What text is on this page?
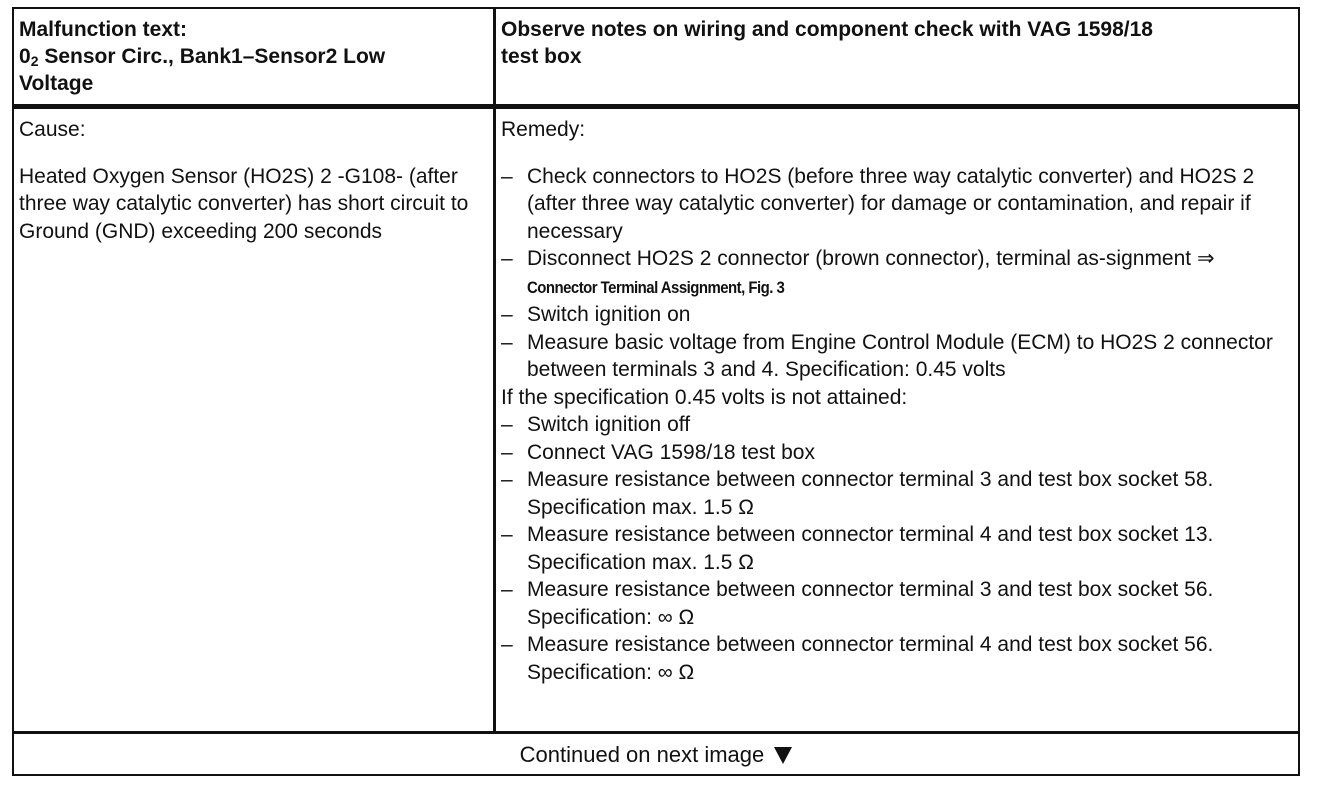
Malfunction text:
$0_2$ Sensor Circ., Bank1–Sensor2 Low
Voltage
Observe notes on wiring and component check with VAG 1598/18
test box

Cause:

Heated Oxygen Sensor (HO2S) 2 -G108- (after three way catalytic converter) has short circuit to Ground (GND) exceeding 200 seconds

Remedy:

– Check connectors to HO2S (before three way catalytic converter) and HO2S 2 (after three way catalytic converter) for damage or contamination, and repair if necessary

– Disconnect HO2S 2 connector (brown connector), terminal as-signment ⇒ Connector Terminal Assignment, Fig. 3

– Switch ignition on

– Measure basic voltage from Engine Control Module (ECM) to HO2S 2 connector between terminals 3 and 4. Specification: 0.45 volts

If the specification 0.45 volts is not attained:

– Switch ignition off

– Connect VAG 1598/18 test box

– Measure resistance between connector terminal 3 and test box socket 58. Specification max. 1.5 Ω

– Measure resistance between connector terminal 4 and test box socket 13. Specification max. 1.5 Ω

– Measure resistance between connector terminal 3 and test box socket 56. Specification: ∞ Ω

– Measure resistance between connector terminal 4 and test box socket 56. Specification: ∞ Ω

Continued on next image
